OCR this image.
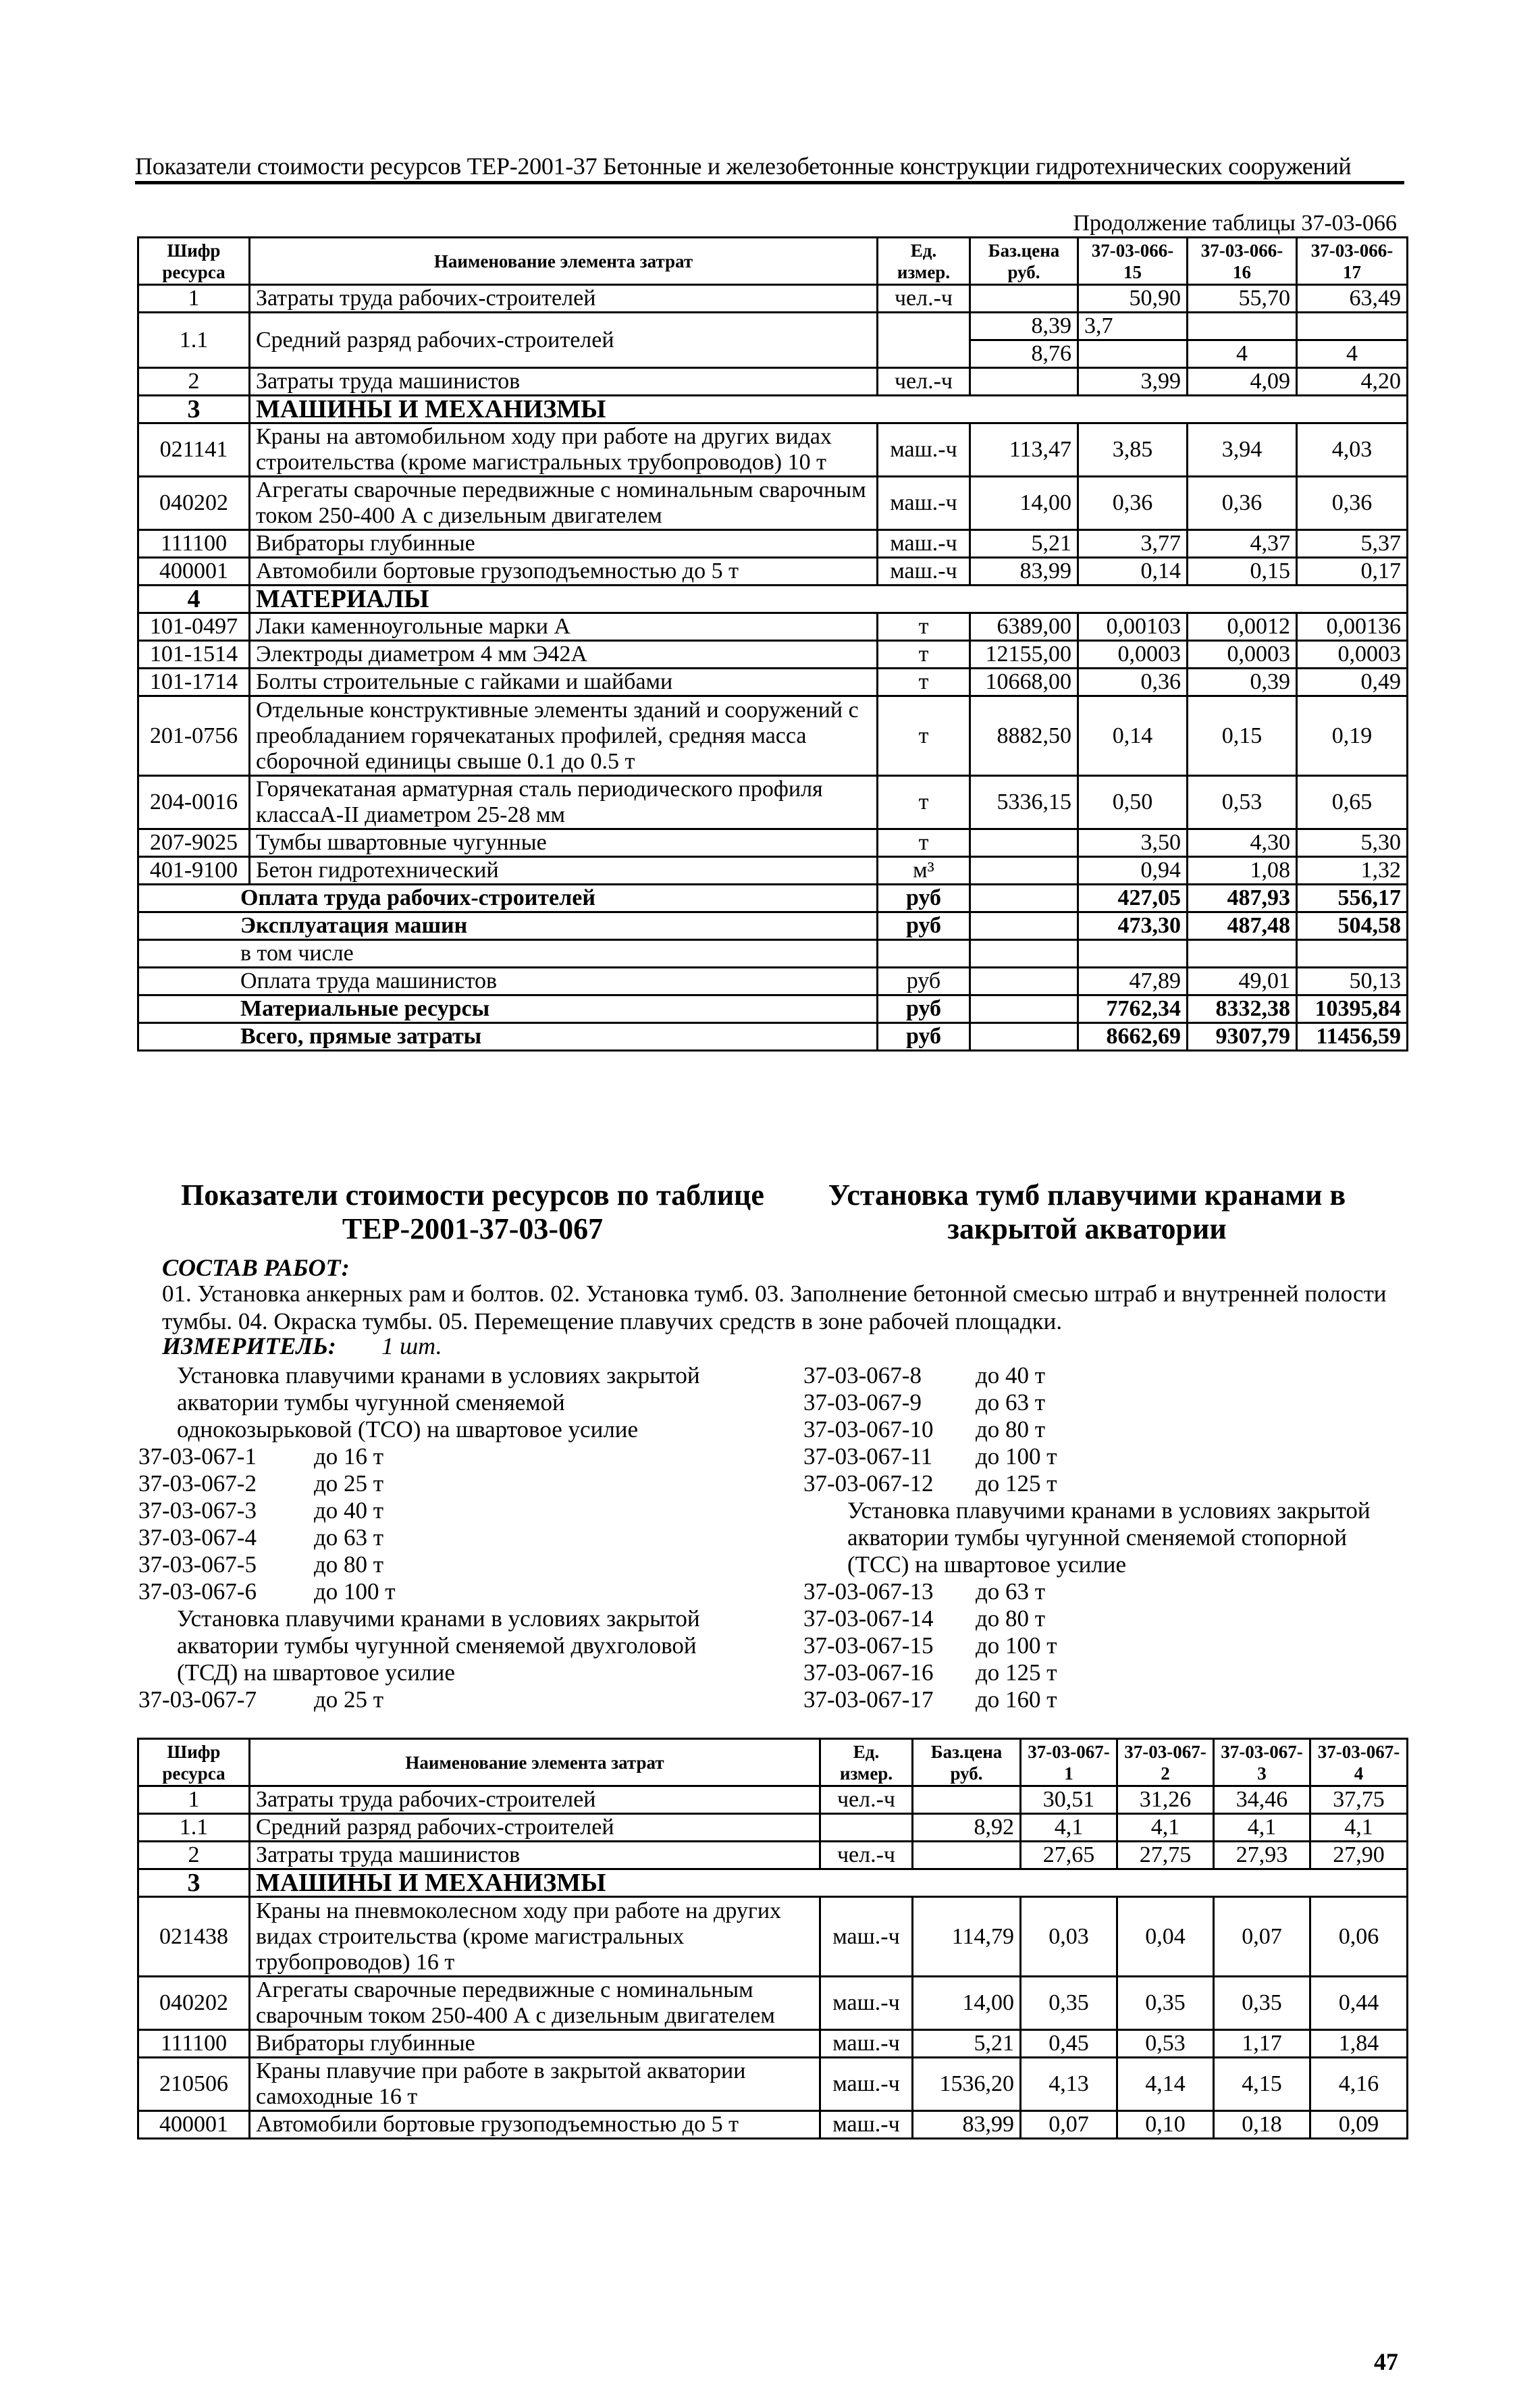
Показатели стоимости ресурсов ТЕР-2001-37 Бетонные и железобетонные конструкции гидротехнических сооружений
Продолжение таблицы 37-03-066
Шифр ресурса	Наименование элемента затрат	Ед. измер.	Баз.цена руб.	37-03-066-15	37-03-066-16	37-03-066-17
1	Затраты труда рабочих-строителей	чел.-ч		50,90	55,70	63,49
1.1	Средний разряд рабочих-строителей		8,39	3,7		
			8,76		4	4
2	Затраты труда машинистов	чел.-ч		3,99	4,09	4,20
3	МАШИНЫ И МЕХАНИЗМЫ					
021141	Краны на автомобильном ходу при работе на других видах строительства (кроме магистральных трубопроводов) 10 т	маш.-ч	113,47	3,85	3,94	4,03
040202	Агрегаты сварочные передвижные с номинальным сварочным током 250-400 А с дизельным двигателем	маш.-ч	14,00	0,36	0,36	0,36
111100	Вибраторы глубинные	маш.-ч	5,21	3,77	4,37	5,37
400001	Автомобили бортовые грузоподъемностью до 5 т	маш.-ч	83,99	0,14	0,15	0,17
4	МАТЕРИАЛЫ					
101-0497	Лаки каменноугольные марки А	т	6389,00	0,00103	0,0012	0,00136
101-1514	Электроды диаметром 4 мм Э42А	т	12155,00	0,0003	0,0003	0,0003
101-1714	Болты строительные с гайками и шайбами	т	10668,00	0,36	0,39	0,49
201-0756	Отдельные конструктивные элементы зданий и сооружений с преобладанием горячекатаных профилей, средняя масса сборочной единицы свыше 0.1 до 0.5 т	т	8882,50	0,14	0,15	0,19
204-0016	Горячекатаная арматурная сталь периодического профиля классаА-II диаметром 25-28 мм	т	5336,15	0,50	0,53	0,65
207-9025	Тумбы швартовные чугунные	т		3,50	4,30	5,30
401-9100	Бетон гидротехнический	м³		0,94	1,08	1,32
Оплата труда рабочих-строителей		руб		427,05	487,93	556,17
Эксплуатация машин		руб		473,30	487,48	504,58
в том числе						
Оплата труда машинистов		руб		47,89	49,01	50,13
Материальные ресурсы		руб		7762,34	8332,38	10395,84
Всего, прямые затраты		руб		8662,69	9307,79	11456,59
Показатели стоимости ресурсов по таблице ТЕР-2001-37-03-067
Установка тумб плавучими кранами в закрытой акватории
СОСТАВ РАБОТ:
01. Установка анкерных рам и болтов. 02. Установка тумб. 03. Заполнение бетонной смесью штраб и внутренней полости тумбы. 04. Окраска тумбы. 05. Перемещение плавучих средств в зоне рабочей площадки.
ИЗМЕРИТЕЛЬ: 1 шт.
Установка плавучими кранами в условиях закрытой
акватории тумбы чугунной сменяемой
однокозырьковой (ТСО) на швартовое усилие
37-03-067-1 до 16 т
37-03-067-2 до 25 т
37-03-067-3 до 40 т
37-03-067-4 до 63 т
37-03-067-5 до 80 т
37-03-067-6 до 100 т
Установка плавучими кранами в условиях закрытой
акватории тумбы чугунной сменяемой двухголовой
(ТСД) на швартовое усилие
37-03-067-7 до 25 т
37-03-067-8 до 40 т
37-03-067-9 до 63 т
37-03-067-10 до 80 т
37-03-067-11 до 100 т
37-03-067-12 до 125 т
Установка плавучими кранами в условиях закрытой
акватории тумбы чугунной сменяемой стопорной
(ТСС) на швартовое усилие
37-03-067-13 до 63 т
37-03-067-14 до 80 т
37-03-067-15 до 100 т
37-03-067-16 до 125 т
37-03-067-17 до 160 т
Шифр ресурса	Наименование элемента затрат	Ед. измер.	Баз.цена руб.	37-03-067-1	37-03-067-2	37-03-067-3	37-03-067-4
1	Затраты труда рабочих-строителей	чел.-ч		30,51	31,26	34,46	37,75
1.1	Средний разряд рабочих-строителей		8,92	4,1	4,1	4,1	4,1
2	Затраты труда машинистов	чел.-ч		27,65	27,75	27,93	27,90
3	МАШИНЫ И МЕХАНИЗМЫ						
021438	Краны на пневмоколесном ходу при работе на других видах строительства (кроме магистральных трубопроводов) 16 т	маш.-ч	114,79	0,03	0,04	0,07	0,06
040202	Агрегаты сварочные передвижные с номинальным сварочным током 250-400 А с дизельным двигателем	маш.-ч	14,00	0,35	0,35	0,35	0,44
111100	Вибраторы глубинные	маш.-ч	5,21	0,45	0,53	1,17	1,84
210506	Краны плавучие при работе в закрытой акватории самоходные 16 т	маш.-ч	1536,20	4,13	4,14	4,15	4,16
400001	Автомобили бортовые грузоподъемностью до 5 т	маш.-ч	83,99	0,07	0,10	0,18	0,09
47
